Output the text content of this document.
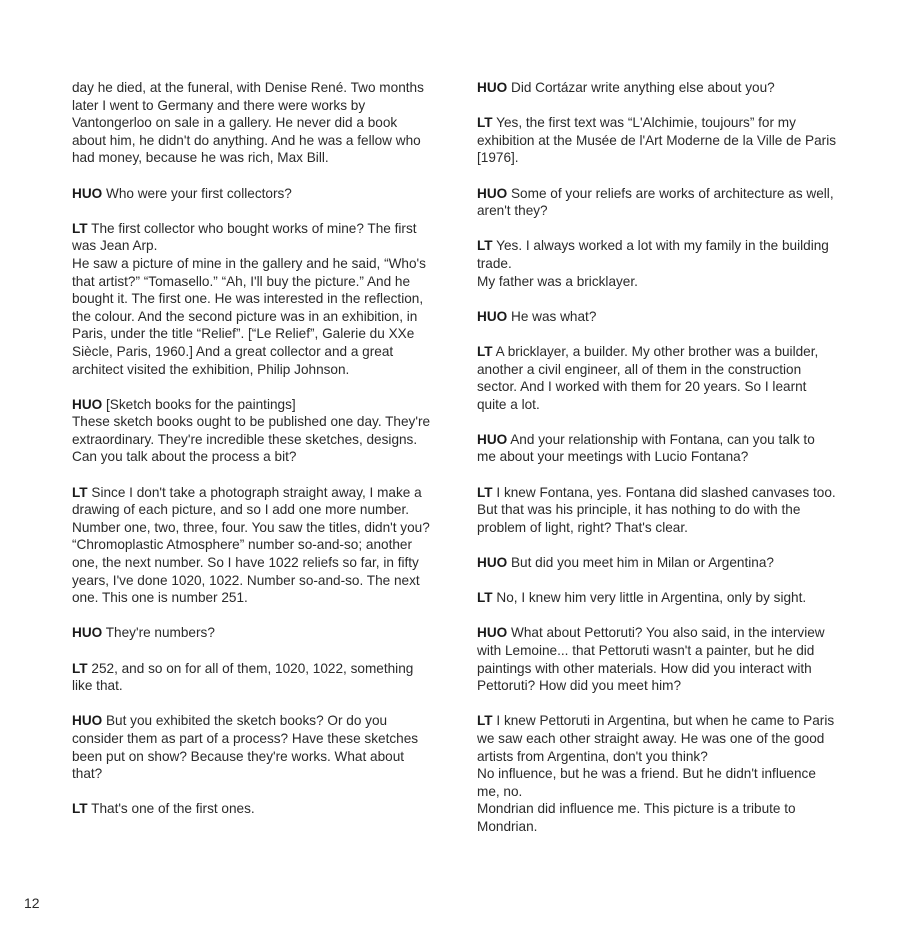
day he died, at the funeral, with Denise René. Two months later I went to Germany and there were works by Vantongerloo on sale in a gallery. He never did a book about him, he didn't do anything. And he was a fellow who had money, because he was rich, Max Bill.

HUO Who were your first collectors?

LT The first collector who bought works of mine? The first was Jean Arp.
He saw a picture of mine in the gallery and he said, “Who's that artist?” “Tomasello.” “Ah, I'll buy the picture.” And he bought it. The first one. He was interested in the reflection, the colour. And the second picture was in an exhibition, in Paris, under the title “Relief”. [“Le Relief”, Galerie du XXe Siècle, Paris, 1960.] And a great collector and a great architect visited the exhibition, Philip Johnson.

HUO [Sketch books for the paintings]
These sketch books ought to be published one day. They're extraordinary. They're incredible these sketches, designs. Can you talk about the process a bit?

LT Since I don't take a photograph straight away, I make a drawing of each picture, and so I add one more number. Number one, two, three, four. You saw the titles, didn't you? “Chromoplastic Atmosphere” number so-and-so; another one, the next number. So I have 1022 reliefs so far, in fifty years, I've done 1020, 1022. Number so-and-so. The next one. This one is number 251.

HUO They're numbers?

LT 252, and so on for all of them, 1020, 1022, something like that.

HUO But you exhibited the sketch books? Or do you consider them as part of a process? Have these sketches been put on show? Because they're works. What about that?

LT That's one of the first ones.

HUO Did Cortázar write anything else about you?

LT Yes, the first text was “L'Alchimie, toujours” for my exhibition at the Musée de l'Art Moderne de la Ville de Paris [1976].

HUO Some of your reliefs are works of architecture as well, aren't they?

LT Yes. I always worked a lot with my family in the building trade.
My father was a bricklayer.

HUO He was what?

LT A bricklayer, a builder. My other brother was a builder, another a civil engineer, all of them in the construction sector. And I worked with them for 20 years. So I learnt quite a lot.

HUO And your relationship with Fontana, can you talk to me about your meetings with Lucio Fontana?

LT I knew Fontana, yes. Fontana did slashed canvases too. But that was his principle, it has nothing to do with the problem of light, right? That's clear.

HUO But did you meet him in Milan or Argentina?

LT No, I knew him very little in Argentina, only by sight.

HUO What about Pettoruti? You also said, in the interview with Lemoine... that Pettoruti wasn't a painter, but he did paintings with other materials. How did you interact with Pettoruti? How did you meet him?

LT I knew Pettoruti in Argentina, but when he came to Paris we saw each other straight away. He was one of the good artists from Argentina, don't you think?
No influence, but he was a friend. But he didn't influence me, no.
Mondrian did influence me. This picture is a tribute to Mondrian.

12
